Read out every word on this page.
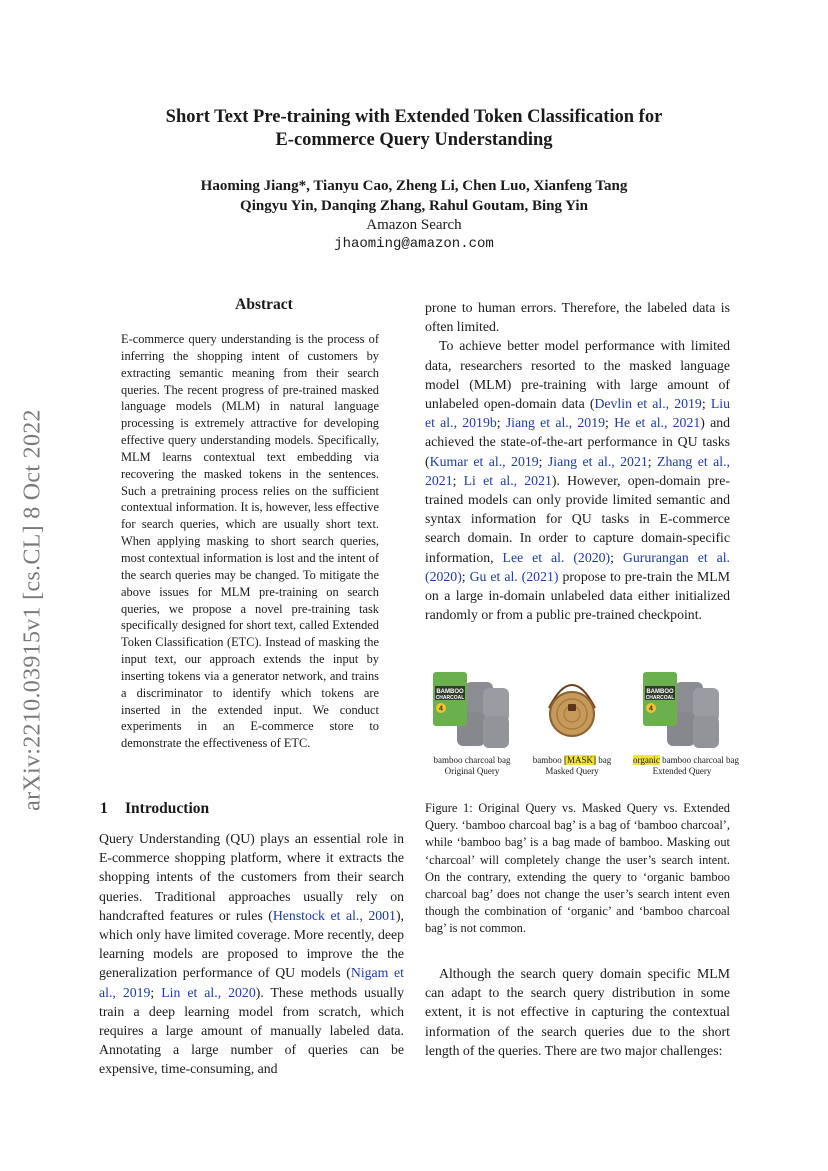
Short Text Pre-training with Extended Token Classification for
E-commerce Query Understanding
Haoming Jiang*, Tianyu Cao, Zheng Li, Chen Luo, Xianfeng Tang
Qingyu Yin, Danqing Zhang, Rahul Goutam, Bing Yin
Amazon Search
jhaoming@amazon.com
arXiv:2210.03915v1 [cs.CL] 8 Oct 2022
Abstract
E-commerce query understanding is the process of inferring the shopping intent of customers by extracting semantic meaning from their search queries. The recent progress of pre-trained masked language models (MLM) in natural language processing is extremely attractive for developing effective query understanding models. Specifically, MLM learns contextual text embedding via recovering the masked tokens in the sentences. Such a pretraining process relies on the sufficient contextual information. It is, however, less effective for search queries, which are usually short text. When applying masking to short search queries, most contextual information is lost and the intent of the search queries may be changed. To mitigate the above issues for MLM pre-training on search queries, we propose a novel pre-training task specifically designed for short text, called Extended Token Classification (ETC). Instead of masking the input text, our approach extends the input by inserting tokens via a generator network, and trains a discriminator to identify which tokens are inserted in the extended input. We conduct experiments in an E-commerce store to demonstrate the effectiveness of ETC.
1 Introduction

Query Understanding (QU) plays an essential role in E-commerce shopping platform, where it extracts the shopping intents of the customers from their search queries. Traditional approaches usually rely on handcrafted features or rules (Henstock et al., 2001), which only have limited coverage. More recently, deep learning models are proposed to improve the the generalization performance of QU models (Nigam et al., 2019; Lin et al., 2020). These methods usually train a deep learning model from scratch, which requires a large amount of manually labeled data. Annotating a large number of queries can be expensive, time-consuming, and

prone to human errors. Therefore, the labeled data is often limited.

To achieve better model performance with limited data, researchers resorted to the masked language model (MLM) pre-training with large amount of unlabeled open-domain data (Devlin et al., 2019; Liu et al., 2019b; Jiang et al., 2019; He et al., 2021) and achieved the state-of-the-art performance in QU tasks (Kumar et al., 2019; Jiang et al., 2021; Zhang et al., 2021; Li et al., 2021). However, open-domain pre-trained models can only provide limited semantic and syntax information for QU tasks in E-commerce search domain. In order to capture domain-specific information, Lee et al. (2020); Gururangan et al. (2020); Gu et al. (2021) propose to pre-train the MLM on a large in-domain unlabeled data either initialized randomly or from a public pre-trained checkpoint.

BAMBOO
CHARCOAL
4
bamboo charcoal bag
Original Query
bamboo [MASK] bag
Masked Query
BAMBOO
CHARCOAL
4
organic bamboo charcoal bag
Extended Query
Figure 1: Original Query vs. Masked Query vs. Extended Query. ‘bamboo charcoal bag’ is a bag of ‘bamboo charcoal’, while ‘bamboo bag’ is a bag made of bamboo. Masking out ‘charcoal’ will completely change the user’s search intent. On the contrary, extending the query to ‘organic bamboo charcoal bag’ does not change the user’s search intent even though the combination of ‘organic’ and ‘bamboo charcoal bag’ is not common.

Although the search query domain specific MLM can adapt to the search query distribution in some extent, it is not effective in capturing the contextual information of the search queries due to the short length of the queries. There are two major challenges:
